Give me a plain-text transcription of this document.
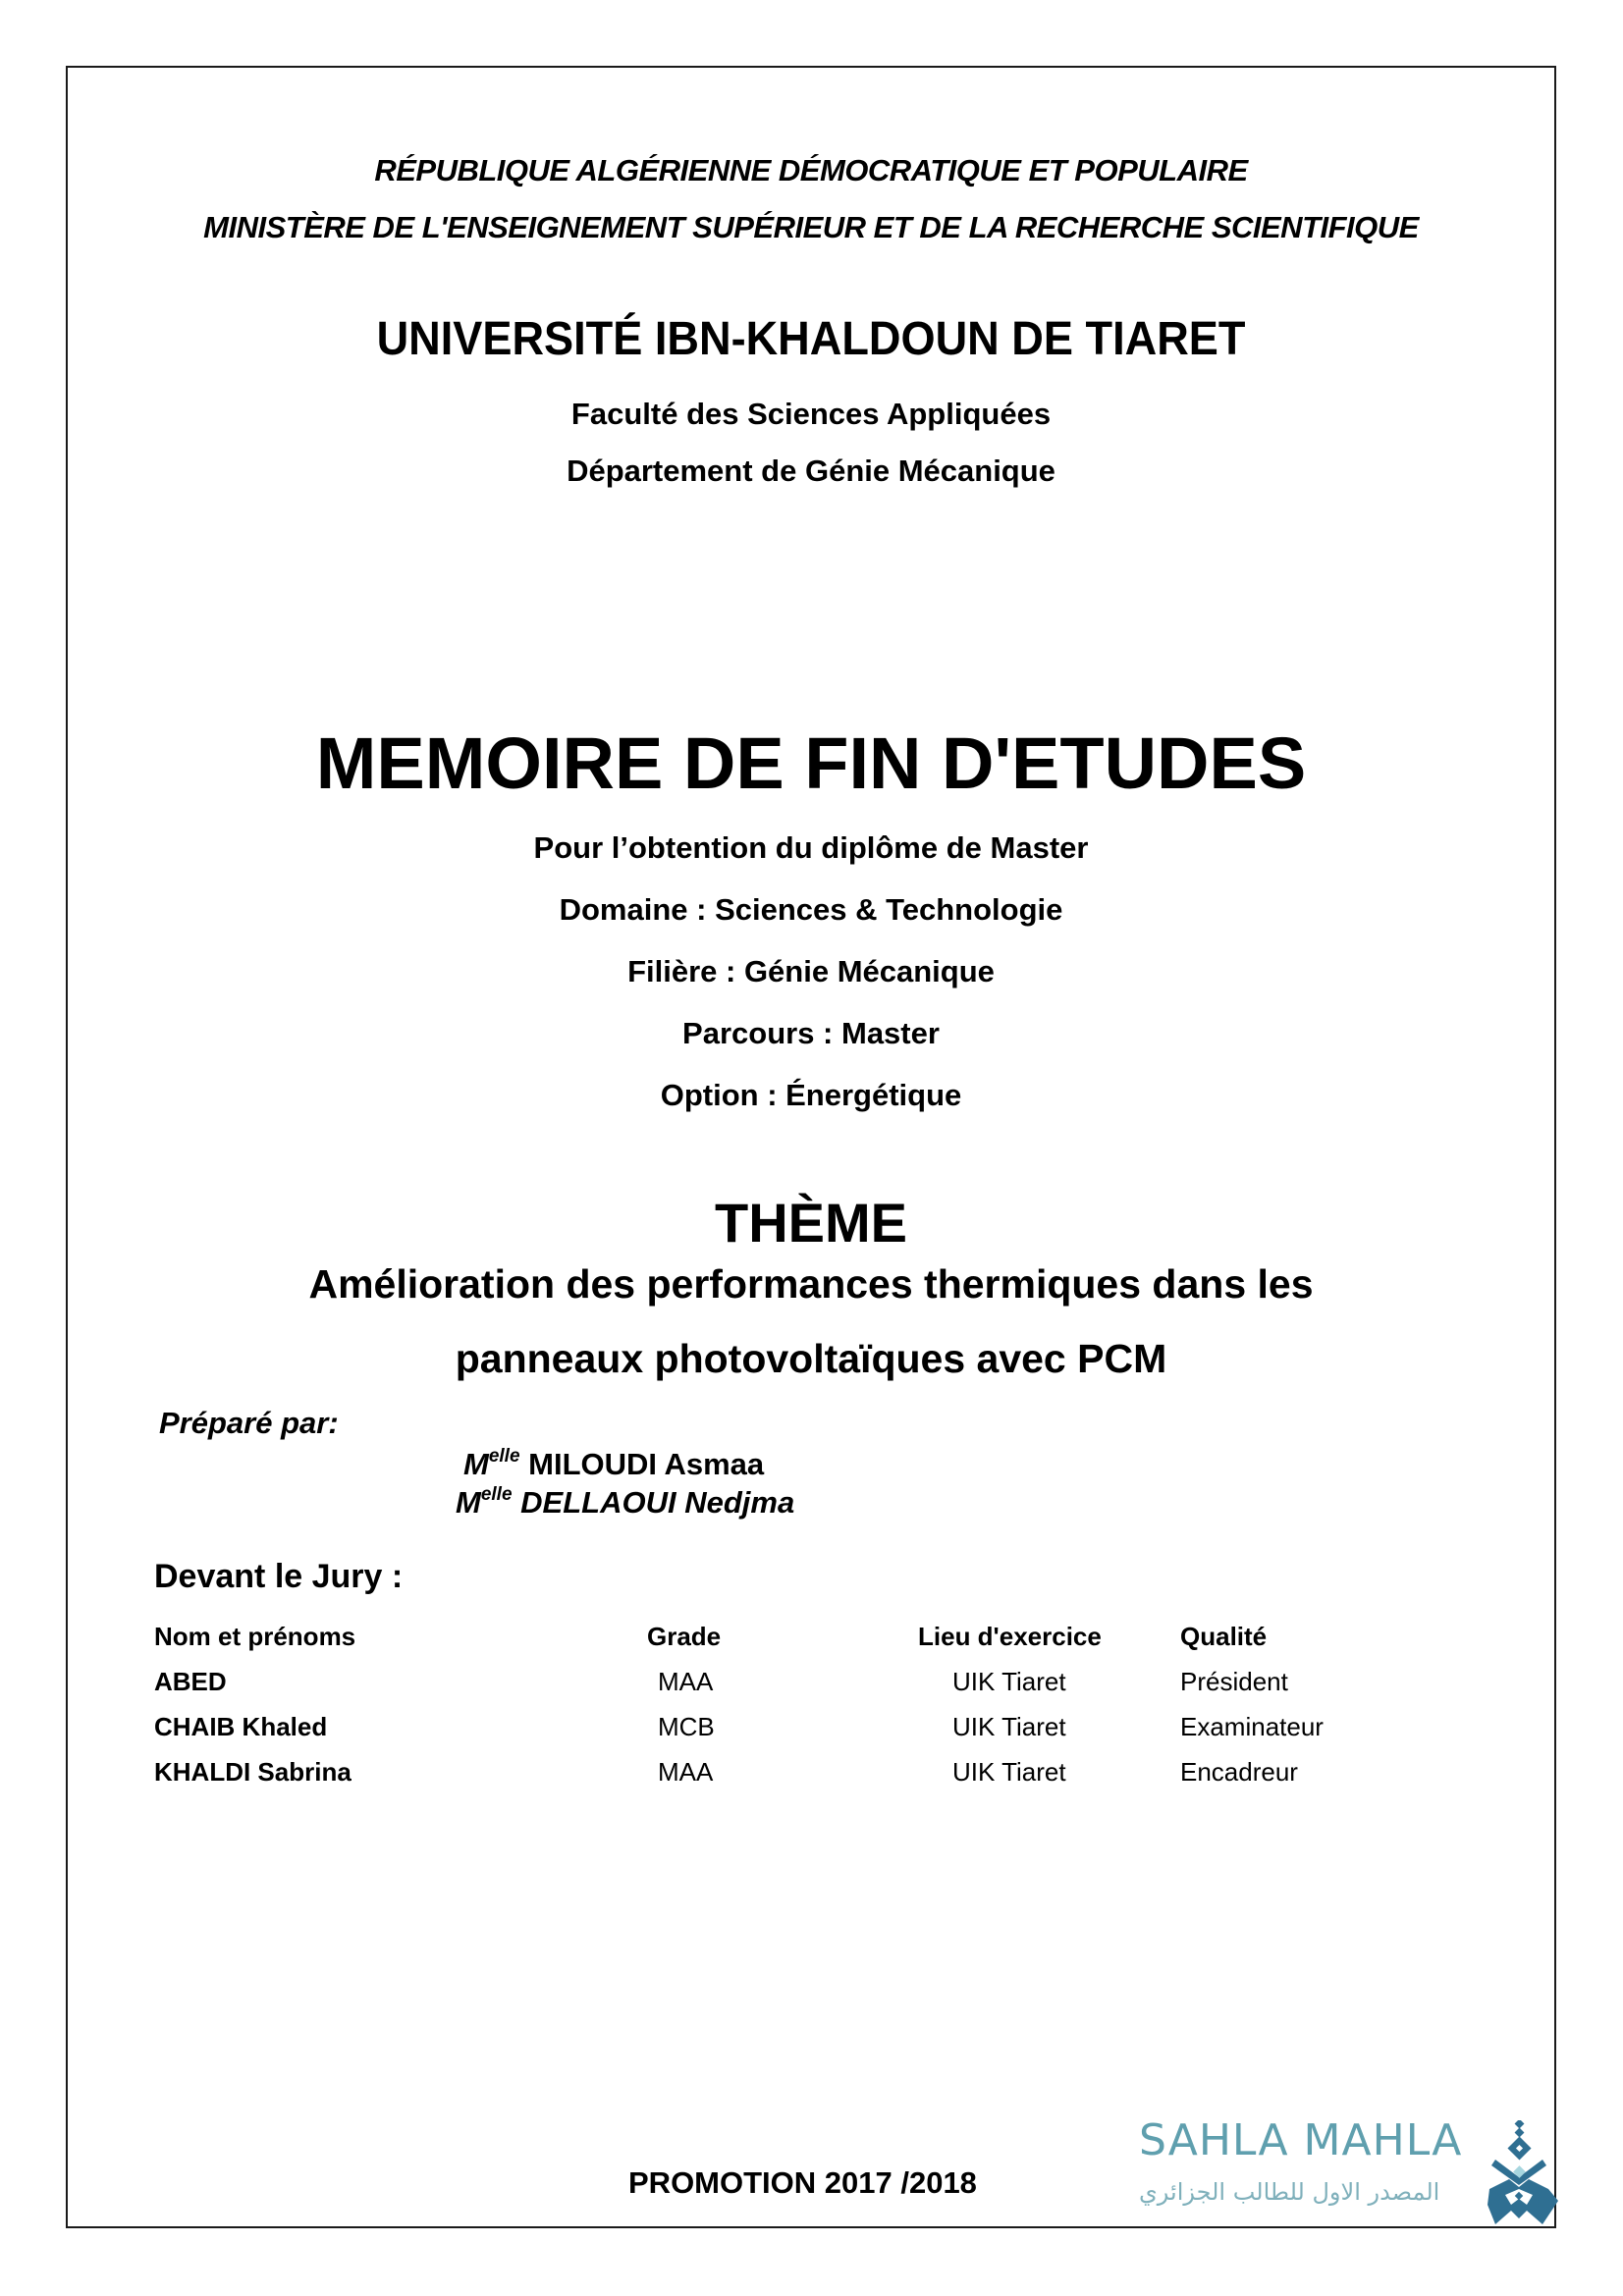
RÉPUBLIQUE ALGÉRIENNE DÉMOCRATIQUE ET POPULAIRE
MINISTÈRE DE L'ENSEIGNEMENT SUPÉRIEUR ET DE LA RECHERCHE SCIENTIFIQUE
UNIVERSITÉ IBN-KHALDOUN DE TIARET
Faculté des Sciences Appliquées
Département de Génie Mécanique
MEMOIRE DE FIN D'ETUDES
Pour l’obtention du diplôme de Master
Domaine : Sciences & Technologie
Filière : Génie Mécanique
Parcours : Master
Option : Énergétique
THÈME
Amélioration des performances thermiques dans les
panneaux photovoltaïques avec PCM
Préparé par:
$M^{elle}$ MILOUDI Asmaa
$M^{elle}$ DELLAOUI Nedjma
Devant le Jury :
Nom et prénoms	Grade	Lieu d'exercice	Qualité
ABED	MAA	UIK Tiaret	Président
CHAIB Khaled	MCB	UIK Tiaret	Examinateur
KHALDI Sabrina	MAA	UIK Tiaret	Encadreur
PROMOTION 2017 /2018
SAHLA MAHLA
المصدر الاول للطالب الجزائري
